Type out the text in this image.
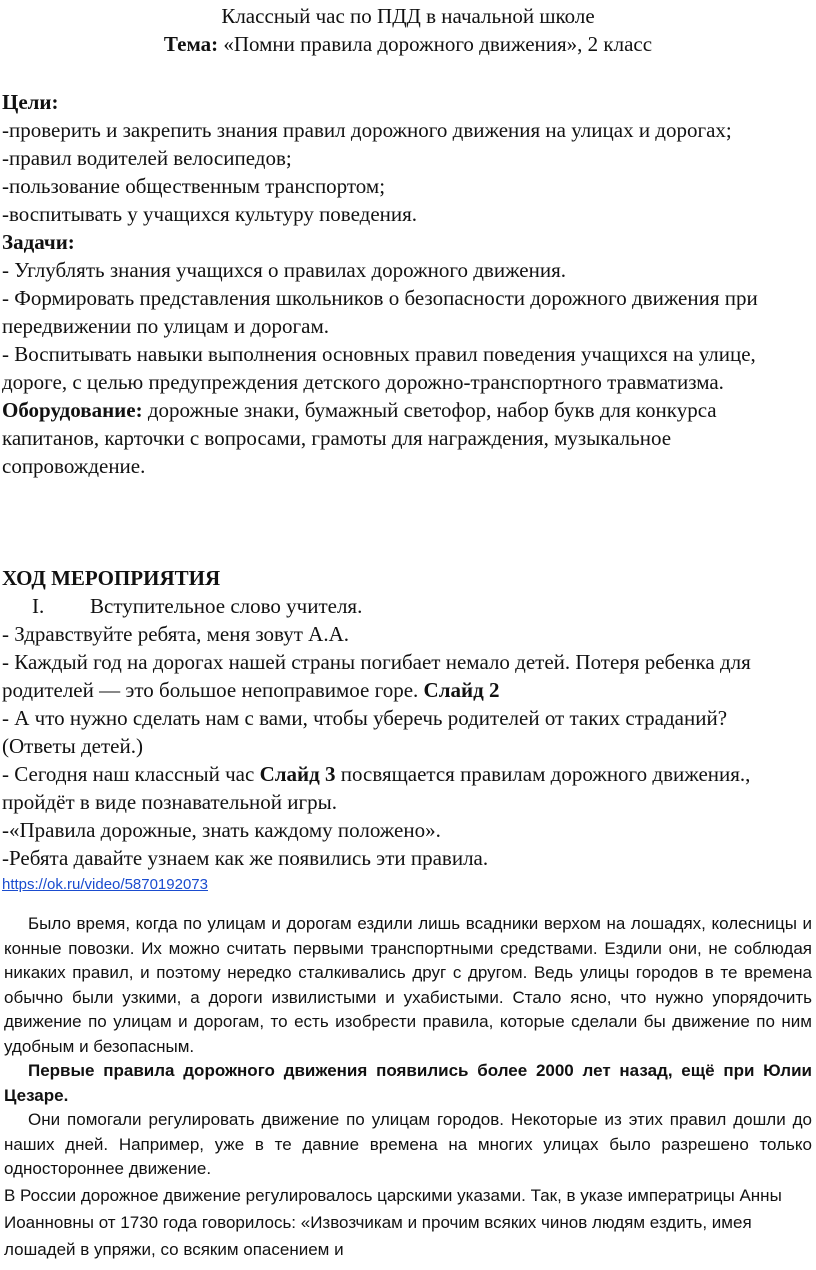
Классный час по ПДД в начальной школе

Тема: «Помни правила дорожного движения», 2 класс

Цели:

-проверить и закрепить знания правил дорожного движения на улицах и дорогах;

-правил водителей велосипедов;

-пользование общественным транспортом;

-воспитывать у учащихся культуру поведения.

Задачи:

- Углублять знания учащихся о правилах дорожного движения.

- Формировать представления школьников о безопасности дорожного движения при передвижении по улицам и дорогам.

- Воспитывать навыки выполнения основных правил поведения учащихся на улице, дороге, с целью предупреждения детского дорожно-транспортного травматизма.

Оборудование: дорожные знаки, бумажный светофор, набор букв для конкурса капитанов, карточки с вопросами, грамоты для награждения, музыкальное сопровождение.

ХОД МЕРОПРИЯТИЯ

I. Вступительное слово учителя.

- Здравствуйте ребята, меня зовут А.А.

- Каждый год на дорогах нашей страны погибает немало детей. Потеря ребенка для родителей — это большое непоправимое горе. Слайд 2

- А что нужно сделать нам с вами, чтобы уберечь родителей от таких страданий? (Ответы детей.)

- Сегодня наш классный час Слайд 3 посвящается правилам дорожного движения., пройдёт в виде познавательной игры.

-«Правила дорожные, знать каждому положено».

-Ребята давайте узнаем как же появились эти правила.

https://ok.ru/video/5870192073

Было время, когда по улицам и дорогам ездили лишь всадники верхом на лошадях, колесницы и конные повозки. Их можно считать первыми транспортными средствами. Ездили они, не соблюдая никаких правил, и поэтому нередко сталкивались друг с другом. Ведь улицы городов в те времена обычно были узкими, а дороги извилистыми и ухабистыми. Стало ясно, что нужно упорядочить движение по улицам и дорогам, то есть изобрести правила, которые сделали бы движение по ним удобным и безопасным.

Первые правила дорожного движения появились более 2000 лет назад, ещё при Юлии Цезаре.

Они помогали регулировать движение по улицам городов. Некоторые из этих правил дошли до наших дней. Например, уже в те давние времена на многих улицах было разрешено только одностороннее движение.

В России дорожное движение регулировалось царскими указами. Так, в указе императрицы Анны Иоанновны от 1730 года говорилось: «Извозчикам и прочим всяких чинов людям ездить, имея лошадей в упряжи, со всяким опасением и
